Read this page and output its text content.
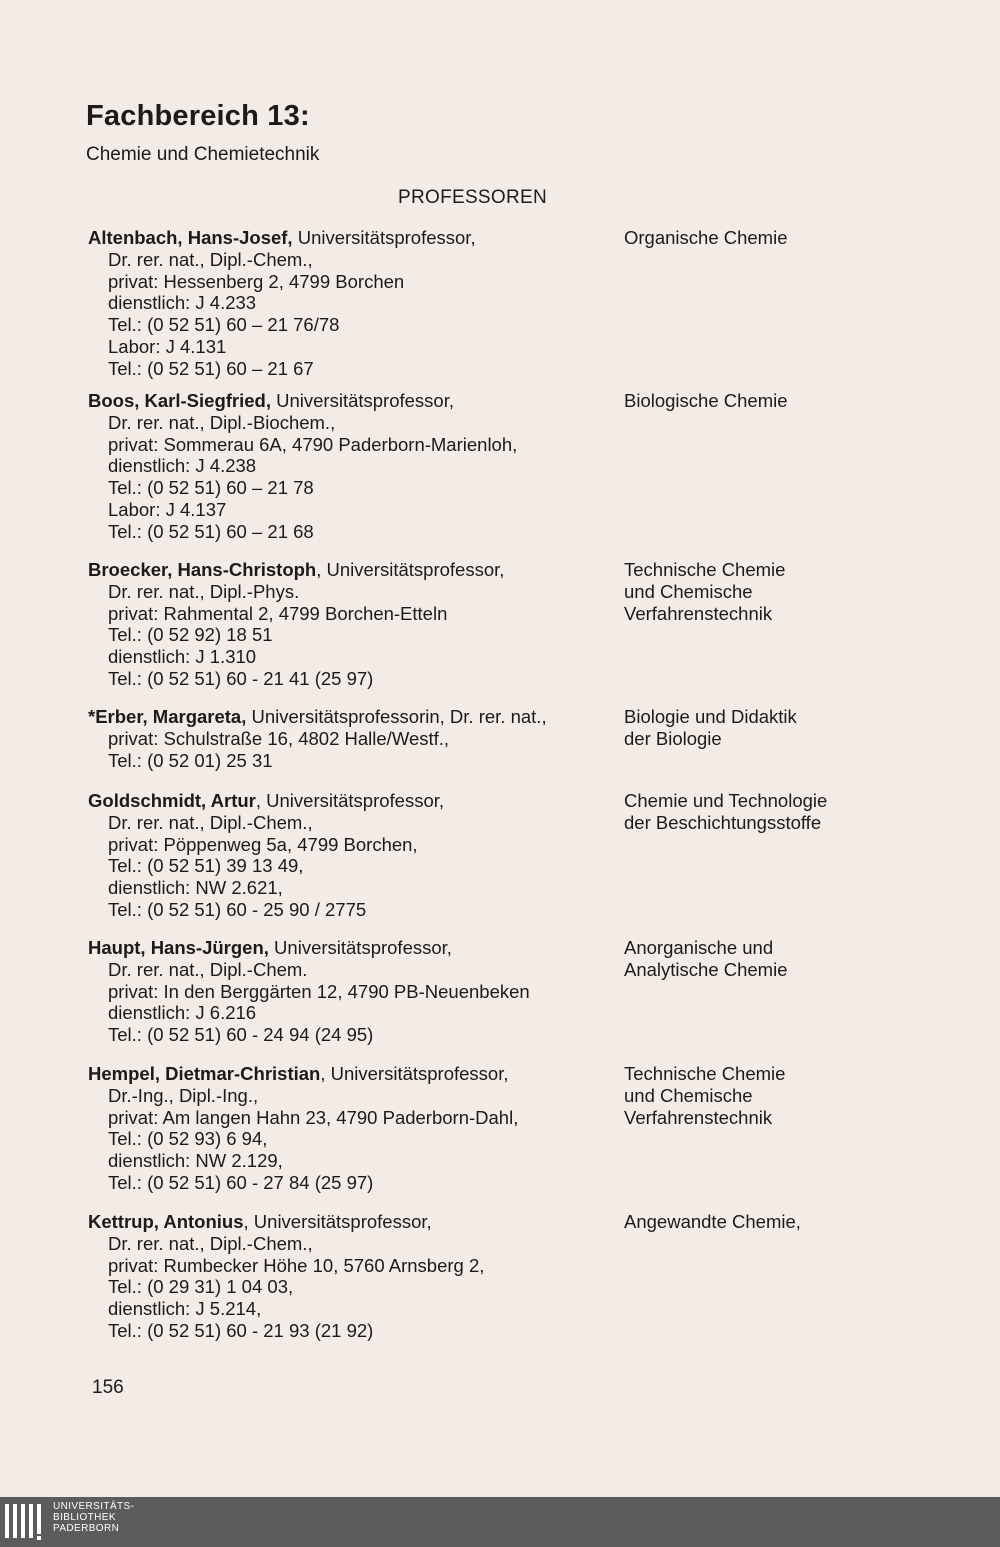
Fachbereich 13:
Chemie und Chemietechnik
PROFESSOREN
Altenbach, Hans-Josef, Universitätsprofessor,
Dr. rer. nat., Dipl.-Chem.,
privat: Hessenberg 2, 4799 Borchen
dienstlich: J 4.233
Tel.: (0 52 51) 60 – 21 76/78
Labor: J 4.131
Tel.: (0 52 51) 60 – 21 67
Organische Chemie
Boos, Karl-Siegfried, Universitätsprofessor,
Dr. rer. nat., Dipl.-Biochem.,
privat: Sommerau 6A, 4790 Paderborn-Marienloh,
dienstlich: J 4.238
Tel.: (0 52 51) 60 – 21 78
Labor: J 4.137
Tel.: (0 52 51) 60 – 21 68
Biologische Chemie
Broecker, Hans-Christoph, Universitätsprofessor,
Dr. rer. nat., Dipl.-Phys.
privat: Rahmental 2, 4799 Borchen-Etteln
Tel.: (0 52 92) 18 51
dienstlich: J 1.310
Tel.: (0 52 51) 60 - 21 41 (25 97)
Technische Chemie
und Chemische
Verfahrenstechnik
*Erber, Margareta, Universitätsprofessorin, Dr. rer. nat.,
privat: Schulstraße 16, 4802 Halle/Westf.,
Tel.: (0 52 01) 25 31
Biologie und Didaktik
der Biologie
Goldschmidt, Artur, Universitätsprofessor,
Dr. rer. nat., Dipl.-Chem.,
privat: Pöppenweg 5a, 4799 Borchen,
Tel.: (0 52 51) 39 13 49,
dienstlich: NW 2.621,
Tel.: (0 52 51) 60 - 25 90 / 2775
Chemie und Technologie
der Beschichtungsstoffe
Haupt, Hans-Jürgen, Universitätsprofessor,
Dr. rer. nat., Dipl.-Chem.
privat: In den Berggärten 12, 4790 PB-Neuenbeken
dienstlich: J 6.216
Tel.: (0 52 51) 60 - 24 94 (24 95)
Anorganische und
Analytische Chemie
Hempel, Dietmar-Christian, Universitätsprofessor,
Dr.-Ing., Dipl.-Ing.,
privat: Am langen Hahn 23, 4790 Paderborn-Dahl,
Tel.: (0 52 93) 6 94,
dienstlich: NW 2.129,
Tel.: (0 52 51) 60 - 27 84 (25 97)
Technische Chemie
und Chemische
Verfahrenstechnik
Kettrup, Antonius, Universitätsprofessor,
Dr. rer. nat., Dipl.-Chem.,
privat: Rumbecker Höhe 10, 5760 Arnsberg 2,
Tel.: (0 29 31) 1 04 03,
dienstlich: J 5.214,
Tel.: (0 52 51) 60 - 21 93 (21 92)
Angewandte Chemie,
156
UNIVERSITÄTS-
BIBLIOTHEK
PADERBORN
